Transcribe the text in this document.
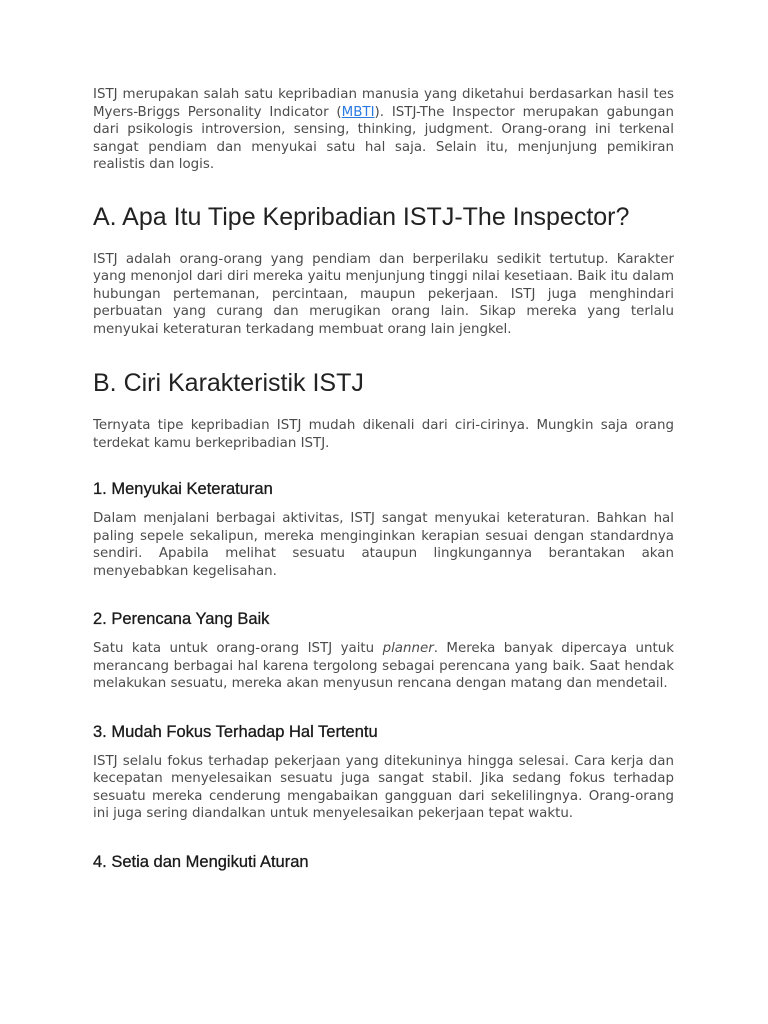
ISTJ merupakan salah satu kepribadian manusia yang diketahui berdasarkan hasil tes Myers-Briggs Personality Indicator (MBTI). ISTJ-The Inspector merupakan gabungan dari psikologis introversion, sensing, thinking, judgment. Orang-orang ini terkenal sangat pendiam dan menyukai satu hal saja. Selain itu, menjunjung pemikiran realistis dan logis.

A. Apa Itu Tipe Kepribadian ISTJ-The Inspector?

ISTJ adalah orang-orang yang pendiam dan berperilaku sedikit tertutup. Karakter yang menonjol dari diri mereka yaitu menjunjung tinggi nilai kesetiaan. Baik itu dalam hubungan pertemanan, percintaan, maupun pekerjaan. ISTJ juga menghindari perbuatan yang curang dan merugikan orang lain. Sikap mereka yang terlalu menyukai keteraturan terkadang membuat orang lain jengkel.

B. Ciri Karakteristik ISTJ

Ternyata tipe kepribadian ISTJ mudah dikenali dari ciri-cirinya. Mungkin saja orang terdekat kamu berkepribadian ISTJ.

1. Menyukai Keteraturan

Dalam menjalani berbagai aktivitas, ISTJ sangat menyukai keteraturan. Bahkan hal paling sepele sekalipun, mereka menginginkan kerapian sesuai dengan standardnya sendiri. Apabila melihat sesuatu ataupun lingkungannya berantakan akan menyebabkan kegelisahan.

2. Perencana Yang Baik

Satu kata untuk orang-orang ISTJ yaitu planner. Mereka banyak dipercaya untuk merancang berbagai hal karena tergolong sebagai perencana yang baik. Saat hendak melakukan sesuatu, mereka akan menyusun rencana dengan matang dan mendetail.

3. Mudah Fokus Terhadap Hal Tertentu

ISTJ selalu fokus terhadap pekerjaan yang ditekuninya hingga selesai. Cara kerja dan kecepatan menyelesaikan sesuatu juga sangat stabil. Jika sedang fokus terhadap sesuatu mereka cenderung mengabaikan gangguan dari sekelilingnya. Orang-orang ini juga sering diandalkan untuk menyelesaikan pekerjaan tepat waktu.

4. Setia dan Mengikuti Aturan
